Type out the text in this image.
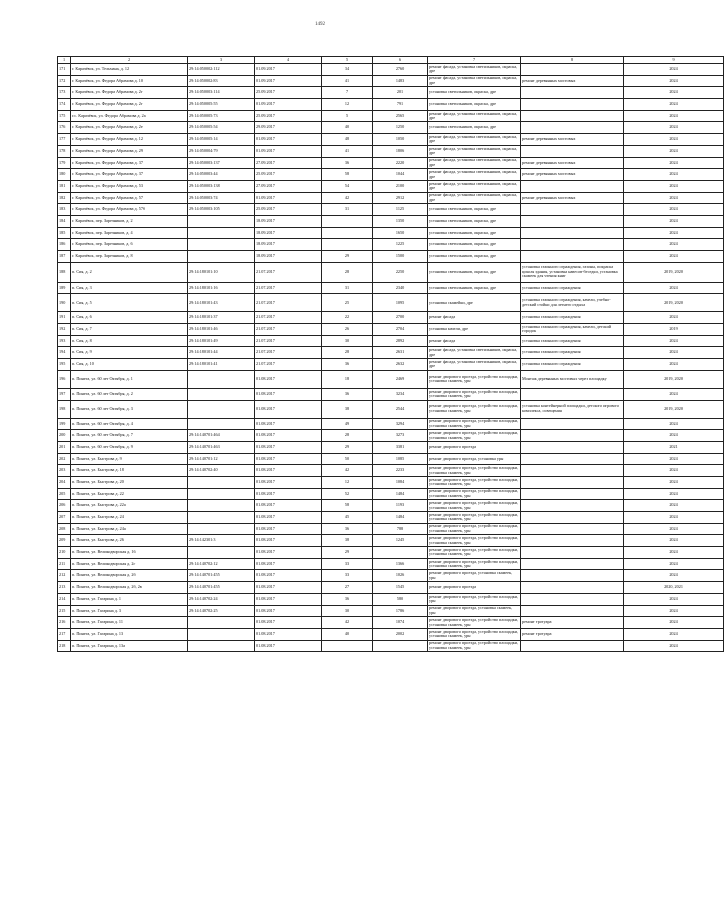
1492
1	2	3	4	5	6	7	8	9
171	г. Карачёвск, ул. Тельмана, д. 12	29:14:050002:112	01.09.2017	34	2760	ремонт фасада, установка светильников, окраска, дре		2024
172	г. Карачёвск, ул. Федора Абрамова д. 10	29:14:050002:83	01.09.2017	41	1483	ремонт фасада, установка светильников, окраска, дре	ремонт деревянных мостовых	2024
173	г. Карачёвск, ул. Федора Абрамова д. 2г	29:14:050003:114	25.09.2017	7	201	установка светильников, окраска, дре		2024
174	г. Карачёвск, ул. Федора Абрамова д. 2г	29:14:050005:55	01.09.2017	12	791	установка светильников, окраска, дре		2024
175	г.с. Карачёвск, ул. Федора Абрамова д. 2а	29:14:050005:73	25.09.2017	5	2565	ремонт фасада, установка светильников, окраска, дре		2024
176	г. Карачёвск, ул. Федора Абрамова д. 2е	29:14:050005:54	29.09.2017	40	1250	установка светильников, окраска, дре		2024
177	г. Карачёвск, ул. Федора Абрамова д. 12	29:14:050005:14	01.09.2017	48	1050	ремонт фасада, установка светильников, окраска, дре	ремонт деревянных мостовых	2024
178	г. Карачёвск, ул. Федора Абрамова д. 29	29:14:050004:79	01.09.2017	41	1806	ремонт фасада, установка светильников, окраска, дре		2024
179	г. Карачёвск, ул. Федора Абрамова д. 37	29:14:050003:137	27.09.2017	36	2220	ремонт фасада, установка светильников, окраска, дре	ремонт деревянных мостовых	2024
180	г. Карачёвск, ул. Федора Абрамова д. 37	29:14:050003:44	25.09.2017	58	1044	ремонт фасада, установка светильников, окраска, дре	ремонт деревянных мостовых	2024
181	г. Карачёвск, ул. Федора Абрамова д. 53	29:14:050003:138	27.09.2017	54	2100	ремонт фасада, установка светильников, окраска, дре		2024
182	г. Карачёвск, ул. Федора Абрамова д. 57	29:14:050003:74	01.09.2017	42	2912	ремонт фасада, установка светильников, окраска, дре	ремонт деревянных мостовых	2024
183	г. Карачёвск, ул. Федора Абрамова д. 57б	29:14:050003:105	25.09.2017	31	1125	установка светильников, окраска, дре		2024
184	г. Карачёвск, пер. Заречников, д. 2		18.09.2017		1350	установка светильников, окраска, дре		2024
185	г. Карачёвск, пер. Заречников, д. 4		18.09.2017		1650	установка светильников, окраска, дре		2024
186	г. Карачёвск, пер. Заречников, д. 6		18.09.2017		1225	установка светильников, окраска, дре		2024
187	г. Карачёвск, пер. Заречников, д. 8		18.09.2017	29	1500	установка светильников, окраска, дре		2024
188	п. Сия, д. 2	29:14:180101:10	21.07.2017	28	2250	установка светильников, окраска, дре	установка газонного ограждения, газоны, покраска цоколя здания, установка навесов-беседки, установка скамеек для чтения книг	2019, 2020
189	п. Сия, д. 3	29:14:180101:16	21.07.2017	31	2340	установка светильников, окраска, дре	установка газонного ограждения	2024
190	п. Сия, д. 5	29:14:180101:43	21.07.2017	25	1095	установка скамейки, дре	установка газонного ограждения, качели, учебно-детский стойки для летнего отдыха	2019, 2020
191	п. Сия, д. 6	29:14:180101:37	21.07.2017	22	2700	ремонт фасада	установка газонного ограждения	2024
192	п. Сия, д. 7	29:14:180101:46	21.07.2017	26	2704	установка качели, дре	установка газонного ограждения, качели, детский городок	2019
193	п. Сия, д. 8	29:14:180101:49	21.07.2017	30	2892	ремонт фасада	установка газонного ограждения	2024
194	п. Сия, д. 9	29:14:180101:44	21.07.2017	28	2631	ремонт фасада, установка светильников, окраска, дре	установка газонного ограждения	2024
195	п. Сия, д. 10	29:14:180101:41	21.07.2017	36	2632	ремонт фасада, установка светильников, окраска, дре	установка газонного ограждения	2024
196	п. Пинега, ул. 60 лет Октября, д. 1		01.08.2017	18	2469	ремонт дворового проезда, устройство площадки, установка скамеек, урн	Монтаж деревянных мостовых через площадку	2019, 2020
197	п. Пинега, ул. 60 лет Октября, д. 2		01.08.2017	36	3234	ремонт дворового проезда, устройство площадки, установка скамеек, урн		2024
198	п. Пинега, ул. 60 лет Октября, д. 3		01.08.2017	38	2544	ремонт дворового проезда, устройство площадки, установка скамеек, урн	установка контейнерной площадки, детского игрового комплекса, освещения	2019, 2020
199	п. Пинега, ул. 60 лет Октября, д. 4		01.08.2017	49	3294	ремонт дворового проезда, устройство площадки, установка скамеек, урн		2024
200	п. Пинега, ул. 60 лет Октября, д. 7	29:14:140701:464	01.08.2017	28	3273	ремонт дворового проезда, устройство площадки, установка скамеек, урн		2024
201	п. Пинега, ул. 60 лет Октября, д. 9	29:14:140701:463	01.08.2017	29	3381	ремонт дворового проезда		2021
202	п. Пинега, ул. Быстрова д. 9	29:14:140701:12	01.08.2017	50	1085	ремонт дворового проезда, установка урн		2024
203	п. Пинега, ул. Быстрова д. 18	29:14:140702:40	01.08.2017	42	2233	ремонт дворового проезда, устройство площадки, установка скамеек, урн		2024
204	п. Пинега, ул. Быстрова д. 20		01.08.2017	12	1084	ремонт дворового проезда, устройство площадки, установка скамеек, урн		2024
205	п. Пинега, ул. Быстрова д. 22		01.08.2017	52	1484	ремонт дворового проезда, устройство площадки, установка скамеек, урн		2024
206	п. Пинега, ул. Быстрова д. 22а		01.08.2017	58	1193	ремонт дворового проезда, устройство площадки, установка скамеек, урн		2024
207	п. Пинега, ул. Быстрова д. 24		01.08.2017	45	1484	ремонт дворового проезда, устройство площадки, установка скамеек, урн		2024
208	п. Пинега, ул. Быстрова д. 24а		01.08.2017	36	788	ремонт дворового проезда, устройство площадки, установка скамеек, урн		2024
209	п. Пинега, ул. Быстрова д. 26	29:14:142301:3	01.08.2017	38	1245	ремонт дворового проезда, устройство площадки, установка скамеек, урн		2024
210	п. Пинега, ул. Великодворская д. 16		01.08.2017	29		ремонт дворового проезда, устройство площадки, установка скамеек, урн		2024
211	п. Пинега, ул. Великодворская д. 2г	29:14:140702:12	01.08.2017	33	1366	ремонт дворового проезда, устройство площадки, установка скамеек, урн		2024
212	п. Пинега, ул. Великодворская д. 2б	29:14:140701:455	01.08.2017	33	1026	ремонт дворового проезда, установка скамеек, урн		2024
213	п. Пинега, ул. Великодворская д. 2б, 2в	29:14:140701:455	01.08.2017	27	1545	ремонт дворового проезда		2020, 2021
214	п. Пинега, ул. Гагарина д. 1	29:14:140702:24	01.08.2017	36	580	ремонт дворового проезда, устройство площадки, урн		2024
215	п. Пинега, ул. Гагарина д. 3	29:14:140702:25	01.08.2017	30	1786	ремонт дворового проезда, установка скамеек, урн		2024
216	п. Пинега, ул. Гагарина д. 11		01.08.2017	42	1074	ремонт дворового проезда, устройство площадки, установка скамеек, урн	ремонт тротуара	2024
217	п. Пинега, ул. Гагарина д. 13		01.08.2017	40	2002	ремонт дворового проезда, устройство площадки, установка скамеек, урн	ремонт тротуара	2024
218	п. Пинега, ул. Гагарина д. 13а		01.08.2017			ремонт дворового проезда, устройство площадки, установка скамеек, урн		2024
